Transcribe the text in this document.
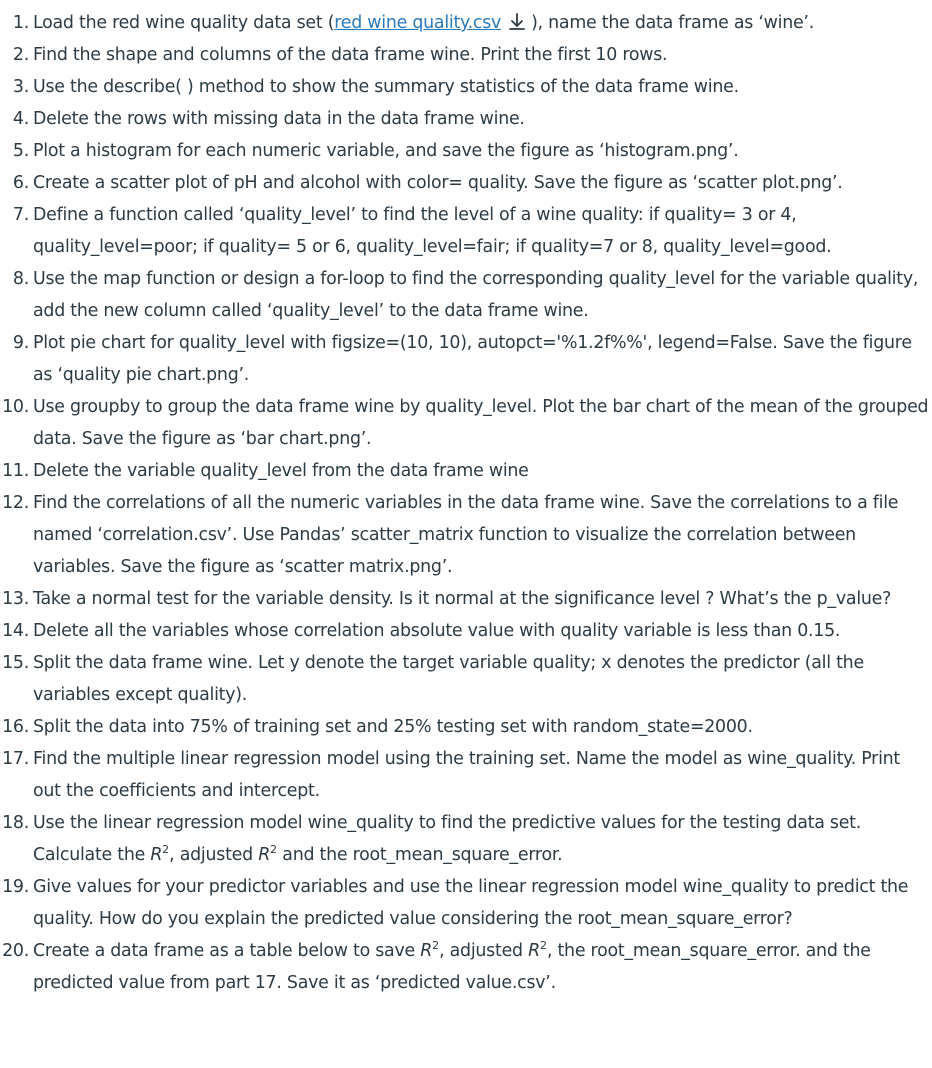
1. Load the red wine quality data set (red wine quality.csv ), name the data frame as ‘wine’.
2. Find the shape and columns of the data frame wine. Print the first 10 rows.
3. Use the describe( ) method to show the summary statistics of the data frame wine.
4. Delete the rows with missing data in the data frame wine.
5. Plot a histogram for each numeric variable, and save the figure as ‘histogram.png’.
6. Create a scatter plot of pH and alcohol with color= quality. Save the figure as ‘scatter plot.png’.
7. Define a function called ‘quality_level’ to find the level of a wine quality: if quality= 3 or 4, quality_level=poor; if quality= 5 or 6, quality_level=fair; if quality=7 or 8, quality_level=good.
8. Use the map function or design a for-loop to find the corresponding quality_level for the variable quality, add the new column called ‘quality_level’ to the data frame wine.
9. Plot pie chart for quality_level with figsize=(10, 10), autopct='%1.2f%%', legend=False. Save the figure as ‘quality pie chart.png’.
10. Use groupby to group the data frame wine by quality_level. Plot the bar chart of the mean of the grouped data. Save the figure as ‘bar chart.png’.
11. Delete the variable quality_level from the data frame wine
12. Find the correlations of all the numeric variables in the data frame wine. Save the correlations to a file named ‘correlation.csv’. Use Pandas’ scatter_matrix function to visualize the correlation between variables. Save the figure as ‘scatter matrix.png’.
13. Take a normal test for the variable density. Is it normal at the significance level ? What’s the p_value?
14. Delete all the variables whose correlation absolute value with quality variable is less than 0.15.
15. Split the data frame wine. Let y denote the target variable quality; x denotes the predictor (all the variables except quality).
16. Split the data into 75% of training set and 25% testing set with random_state=2000.
17. Find the multiple linear regression model using the training set. Name the model as wine_quality. Print out the coefficients and intercept.
18. Use the linear regression model wine_quality to find the predictive values for the testing data set. Calculate the $R^2$, adjusted $R^2$ and the root_mean_square_error.
19. Give values for your predictor variables and use the linear regression model wine_quality to predict the quality. How do you explain the predicted value considering the root_mean_square_error?
20. Create a data frame as a table below to save $R^2$, adjusted $R^2$, the root_mean_square_error. and the predicted value from part 17. Save it as ‘predicted value.csv’.
